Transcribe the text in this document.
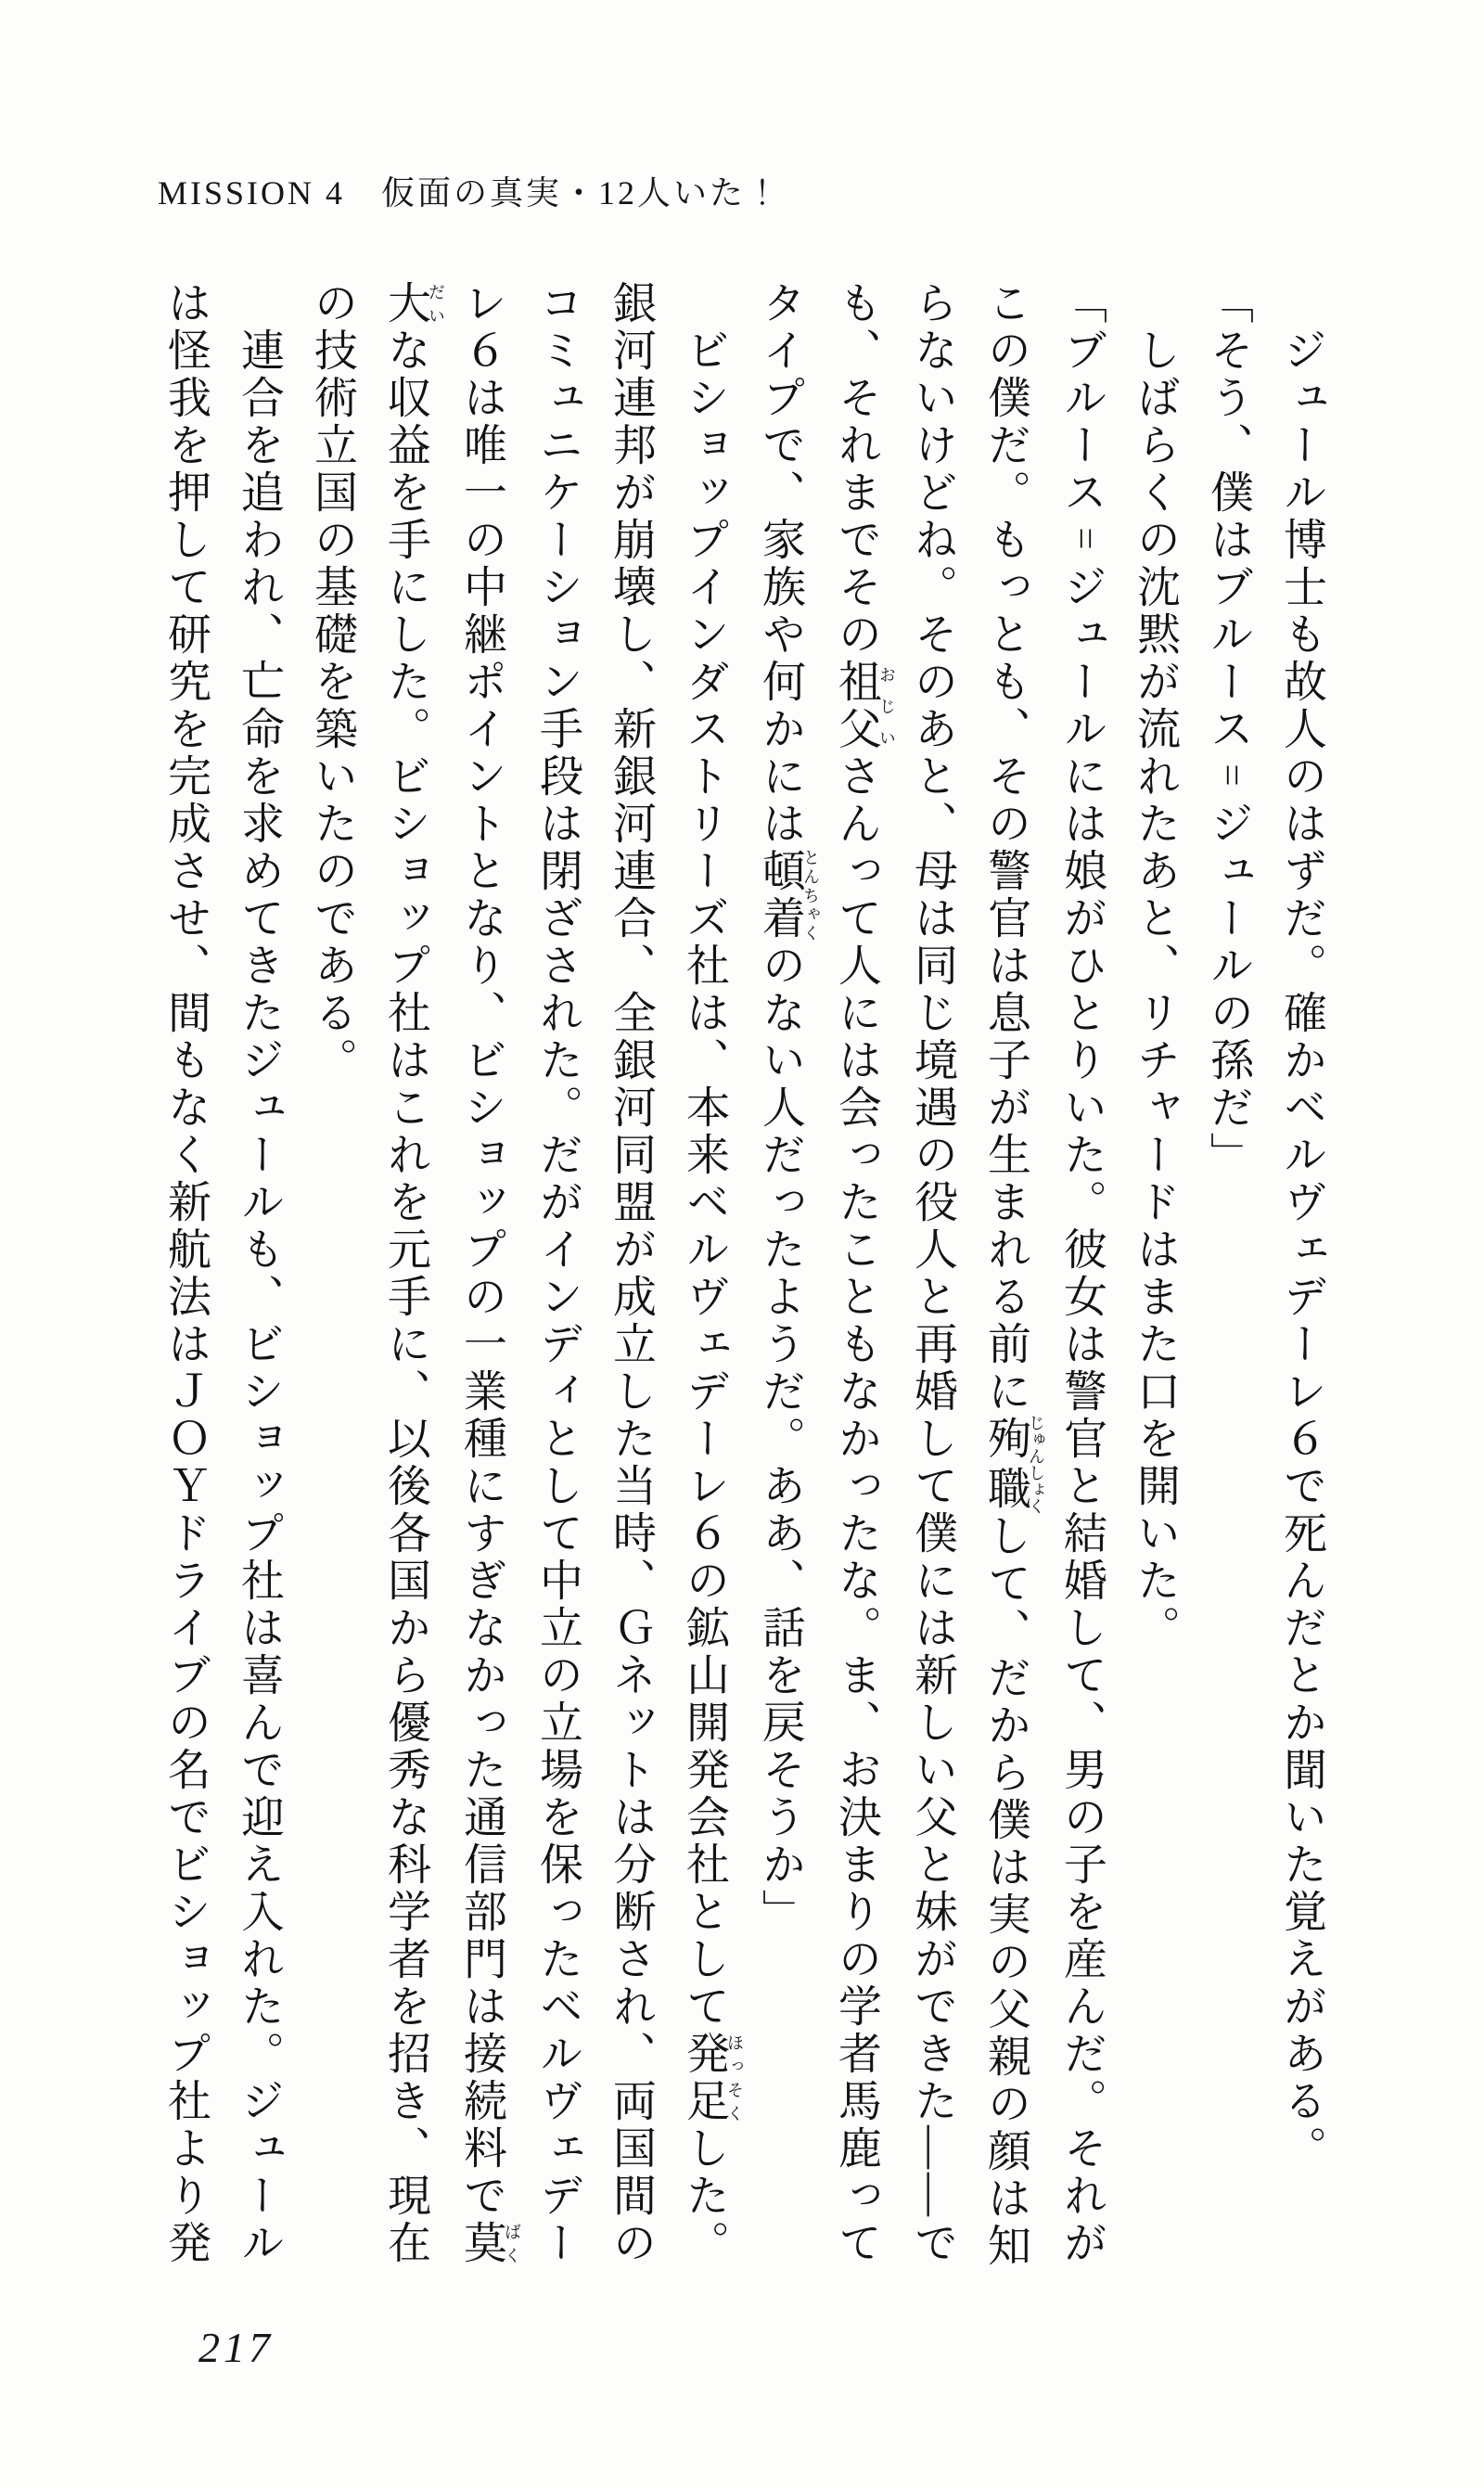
MISSION 4　仮面の真実・12人いた！

ジュール博士も故人のはずだ。確かベルヴェデーレ６で死んだとか聞いた覚えがある。

「そう、僕はブルース゠ジュールの孫だ」

しばらくの沈黙が流れたあと、リチャードはまた口を開いた。

「ブルース゠ジュールには娘がひとりいた。彼女は警官と結婚して、男の子を産んだ。それが

この僕だ。もっとも、その警官は息子が生まれる前に殉職じゅんしょくして、だから僕は実の父親の顔は知

らないけどね。そのあと、母は同じ境遇の役人と再婚して僕には新しい父と妹ができた――で

も、それまでその祖父おじいさんって人には会ったこともなかったな。ま、お決まりの学者馬鹿って

タイプで、家族や何かには頓着とんちゃくのない人だったようだ。ああ、話を戻そうか」

ビショップインダストリーズ社は、本来ベルヴェデーレ６の鉱山開発会社として発足ほっそくした。

銀河連邦が崩壊し、新銀河連合、全銀河同盟が成立した当時、Ｇネットは分断され、両国間の

コミュニケーション手段は閉ざされた。だがインディとして中立の立場を保ったベルヴェデー

レ６は唯一の中継ポイントとなり、ビショップの一業種にすぎなかった通信部門は接続料で莫ばく

大だいな収益を手にした。ビショップ社はこれを元手に、以後各国から優秀な科学者を招き、現在

の技術立国の基礎を築いたのである。

連合を追われ、亡命を求めてきたジュールも、ビショップ社は喜んで迎え入れた。ジュール

は怪我を押して研究を完成させ、間もなく新航法はＪＯＹドライブの名でビショップ社より発

217
